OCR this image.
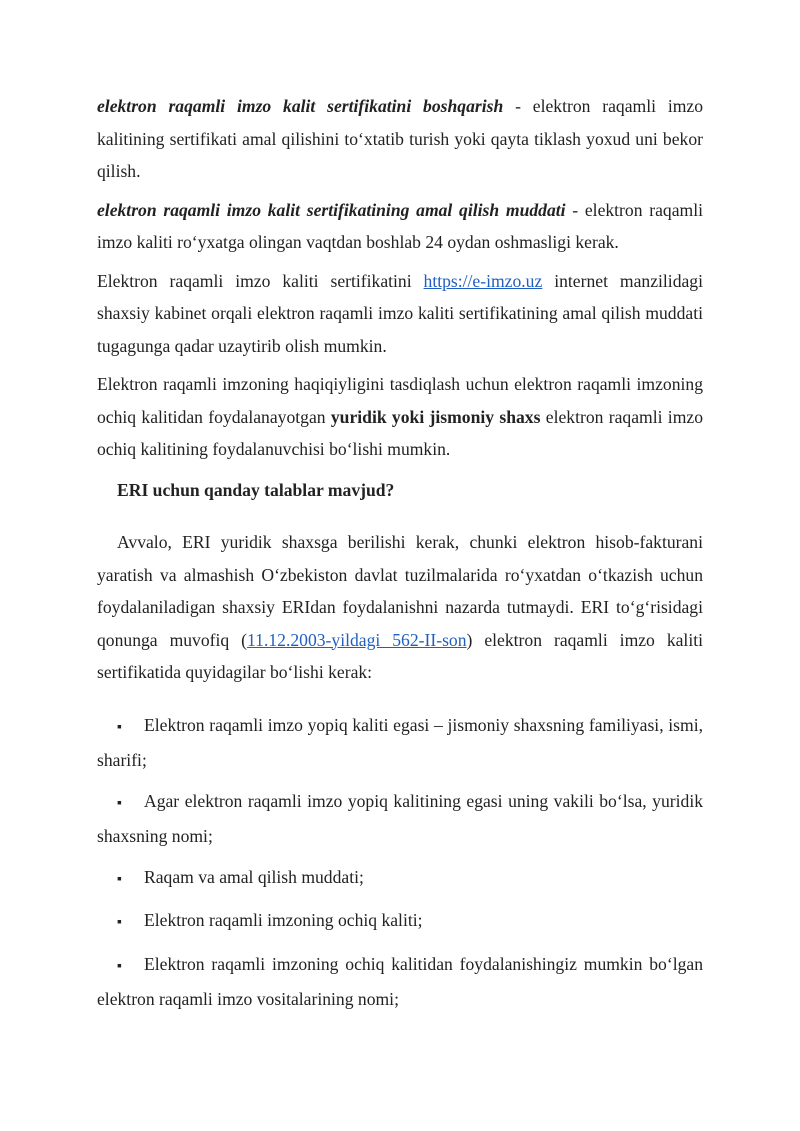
elektron raqamli imzo kalit sertifikatini boshqarish - elektron raqamli imzo kalitining sertifikati amal qilishini to‘xtatib turish yoki qayta tiklash yoxud uni bekor qilish.

elektron raqamli imzo kalit sertifikatining amal qilish muddati - elektron raqamli imzo kaliti ro‘yxatga olingan vaqtdan boshlab 24 oydan oshmasligi kerak.

Elektron raqamli imzo kaliti sertifikatini https://e-imzo.uz internet manzilidagi shaxsiy kabinet orqali elektron raqamli imzo kaliti sertifikatining amal qilish muddati tugagunga qadar uzaytirib olish mumkin.

Elektron raqamli imzoning haqiqiyligini tasdiqlash uchun elektron raqamli imzoning ochiq kalitidan foydalanayotgan yuridik yoki jismoniy shaxs elektron raqamli imzo ochiq kalitining foydalanuvchisi bo‘lishi mumkin.

ERI uchun qanday talablar mavjud?

Avvalo, ERI yuridik shaxsga berilishi kerak, chunki elektron hisob-fakturani yaratish va almashish O‘zbekiston davlat tuzilmalarida ro‘yxatdan o‘tkazish uchun foydalaniladigan shaxsiy ERIdan foydalanishni nazarda tutmaydi. ERI to‘g‘risidagi qonunga muvofiq (11.12.2003-yildagi 562-II-son) elektron raqamli imzo kaliti sertifikatida quyidagilar bo‘lishi kerak:

▪ Elektron raqamli imzo yopiq kaliti egasi – jismoniy shaxsning familiyasi, ismi, sharifi;
▪ Agar elektron raqamli imzo yopiq kalitining egasi uning vakili bo‘lsa, yuridik shaxsning nomi;
▪ Raqam va amal qilish muddati;
▪ Elektron raqamli imzoning ochiq kaliti;
▪ Elektron raqamli imzoning ochiq kalitidan foydalanishingiz mumkin bo‘lgan elektron raqamli imzo vositalarining nomi;
